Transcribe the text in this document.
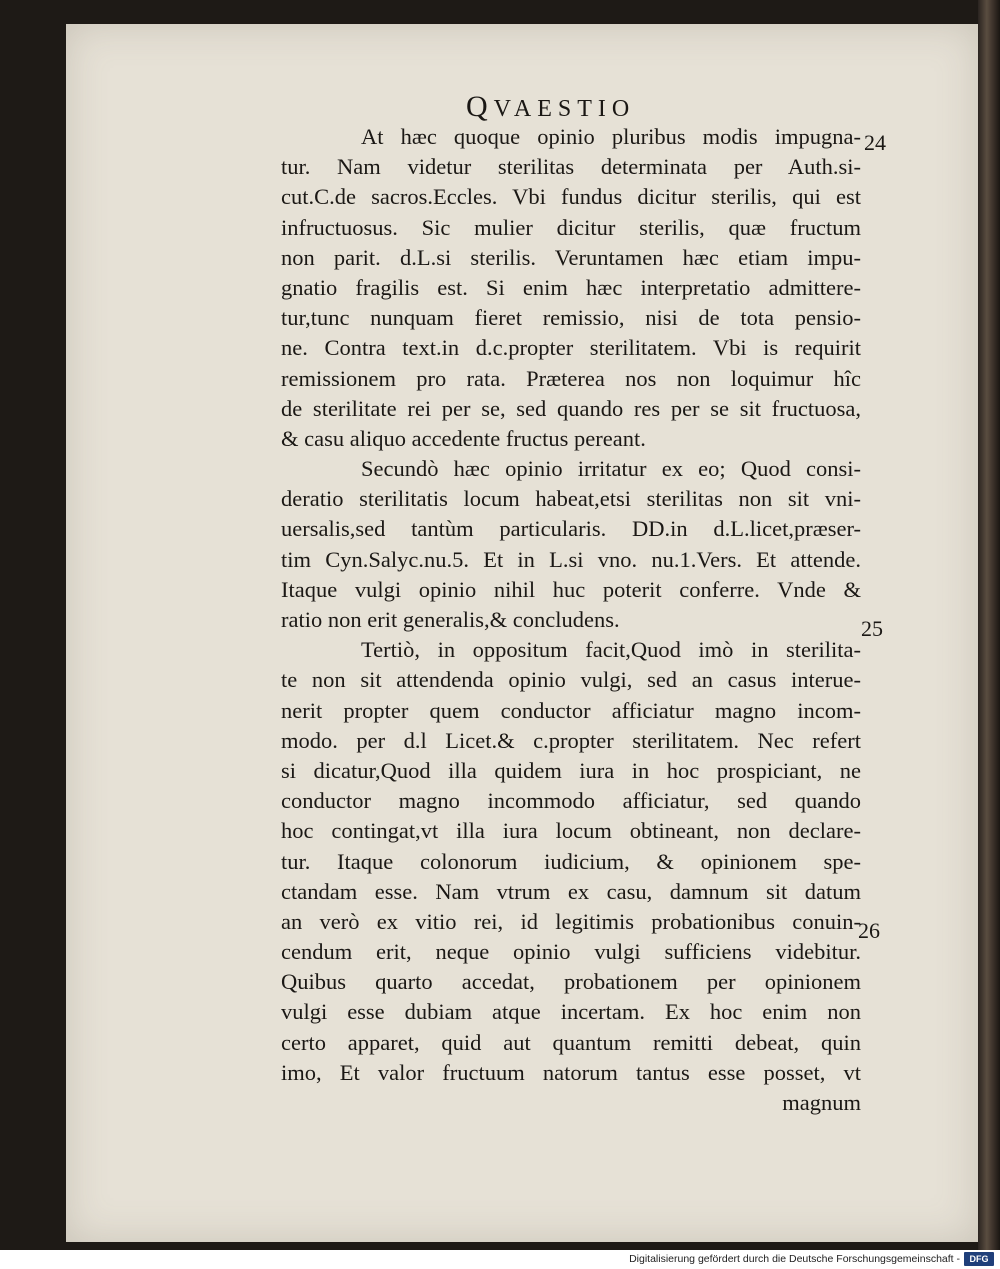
QVAESTIO
24
25
26
At hæc quoque opinio pluribus modis impugna-
tur. Nam videtur sterilitas determinata per Auth.si-
cut.C.de sacros.Eccles. Vbi fundus dicitur sterilis, qui est
infructuosus. Sic mulier dicitur sterilis, quæ fructum
non parit. d.L.si sterilis. Veruntamen hæc etiam impu-
gnatio fragilis est. Si enim hæc interpretatio admittere-
tur,tunc nunquam fieret remissio, nisi de tota pensio-
ne. Contra text.in d.c.propter sterilitatem. Vbi is requirit
remissionem pro rata. Præterea nos non loquimur hîc
de sterilitate rei per se, sed quando res per se sit fructuosa,
& casu aliquo accedente fructus pereant.
Secundò hæc opinio irritatur ex eo; Quod consi-
deratio sterilitatis locum habeat,etsi sterilitas non sit vni-
uersalis,sed tantùm particularis. DD.in d.L.licet,præser-
tim Cyn.Salyc.nu.5. Et in L.si vno. nu.1.Vers. Et attende.
Itaque vulgi opinio nihil huc poterit conferre. Vnde &
ratio non erit generalis,& concludens.
Tertiò, in oppositum facit,Quod imò in sterilita-
te non sit attendenda opinio vulgi, sed an casus interue-
nerit propter quem conductor afficiatur magno incom-
modo. per d.l Licet.& c.propter sterilitatem. Nec refert
si dicatur,Quod illa quidem iura in hoc prospiciant, ne
conductor magno incommodo afficiatur, sed quando
hoc contingat,vt illa iura locum obtineant, non declare-
tur. Itaque colonorum iudicium, & opinionem spe-
ctandam esse. Nam vtrum ex casu, damnum sit datum
an verò ex vitio rei, id legitimis probationibus conuin-
cendum erit, neque opinio vulgi sufficiens videbitur.
Quibus quarto accedat, probationem per opinionem
vulgi esse dubiam atque incertam. Ex hoc enim non
certo apparet, quid aut quantum remitti debeat, quin
imo, Et valor fructuum natorum tantus esse posset, vt
magnum
Digitalisierung gefördert durch die Deutsche Forschungsgemeinschaft -	DFG
